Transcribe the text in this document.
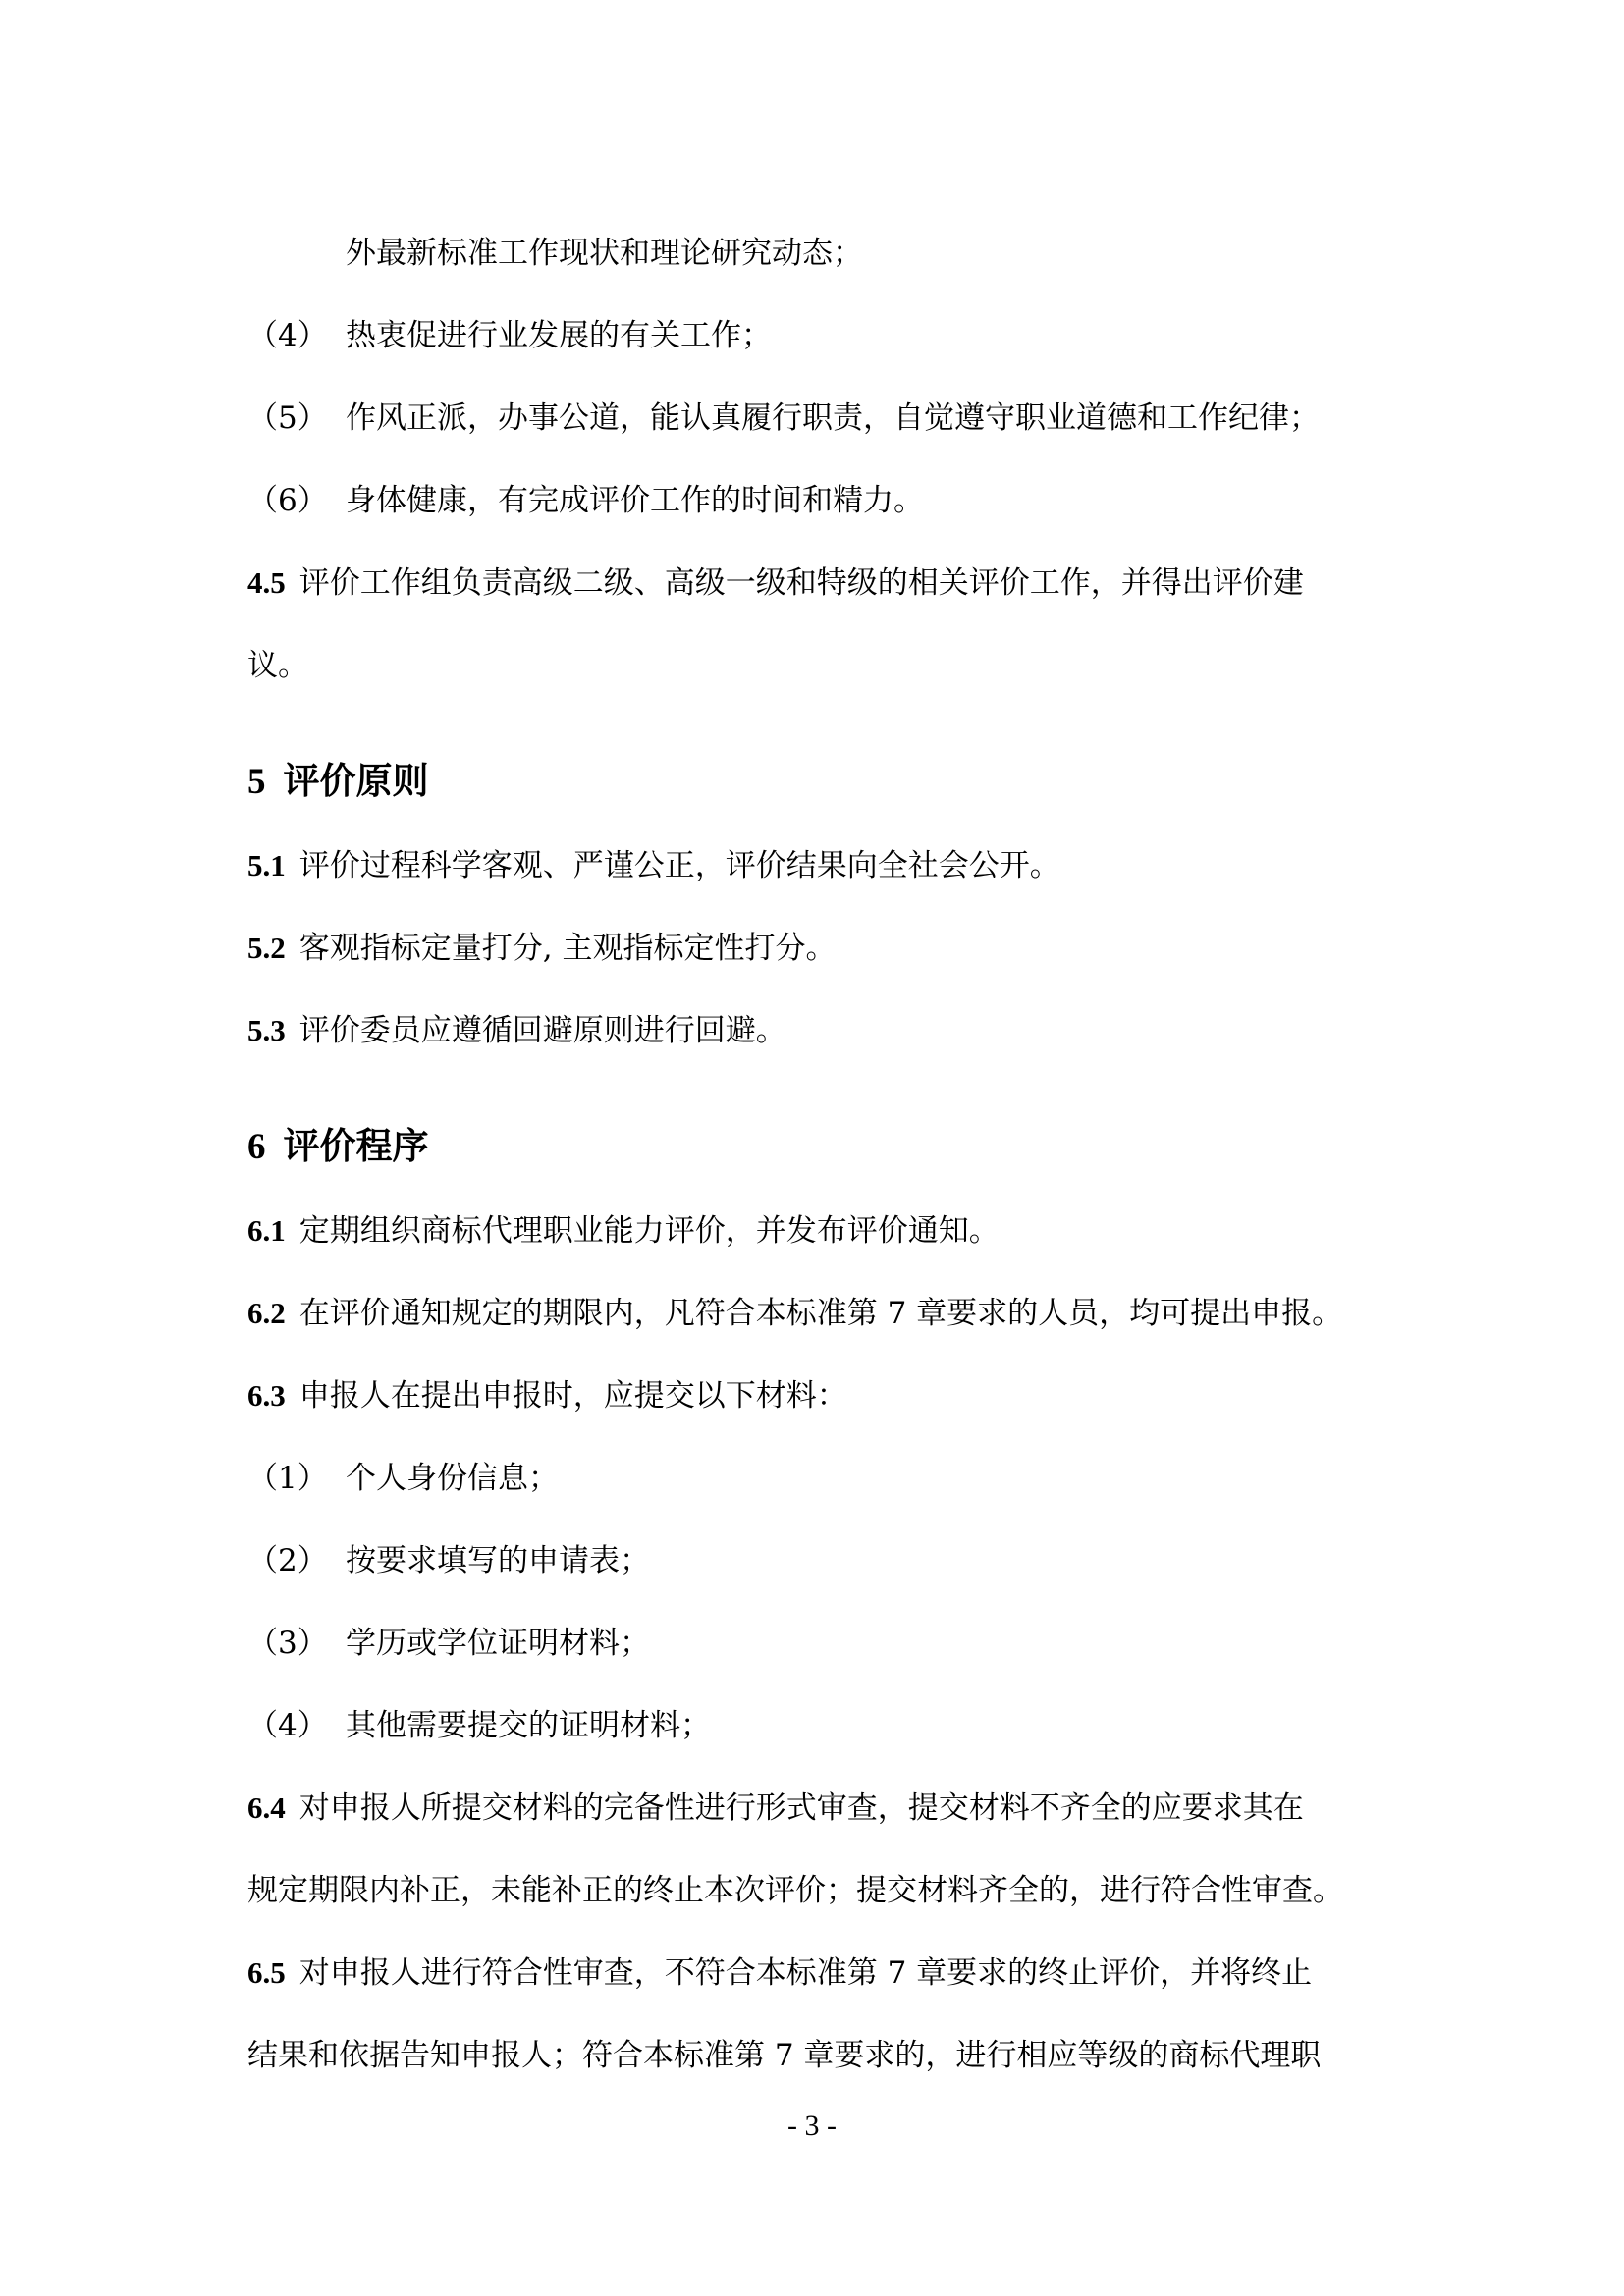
外最新标准工作现状和理论研究动态；
（4） 热衷促进行业发展的有关工作；
（5） 作风正派，办事公道，能认真履行职责，自觉遵守职业道德和工作纪律；
（6） 身体健康，有完成评价工作的时间和精力。
4.5 评价工作组负责高级二级、高级一级和特级的相关评价工作，并得出评价建
议。
5 评价原则
5.1 评价过程科学客观、严谨公正，评价结果向全社会公开。
5.2 客观指标定量打分, 主观指标定性打分。
5.3 评价委员应遵循回避原则进行回避。
6 评价程序
6.1 定期组织商标代理职业能力评价，并发布评价通知。
6.2 在评价通知规定的期限内，凡符合本标准第 7 章要求的人员，均可提出申报。
6.3 申报人在提出申报时，应提交以下材料：
（1） 个人身份信息；
（2） 按要求填写的申请表；
（3） 学历或学位证明材料；
（4） 其他需要提交的证明材料；
6.4 对申报人所提交材料的完备性进行形式审查，提交材料不齐全的应要求其在
规定期限内补正，未能补正的终止本次评价；提交材料齐全的，进行符合性审查。
6.5 对申报人进行符合性审查，不符合本标准第 7 章要求的终止评价，并将终止
结果和依据告知申报人；符合本标准第 7 章要求的，进行相应等级的商标代理职
- 3 -
